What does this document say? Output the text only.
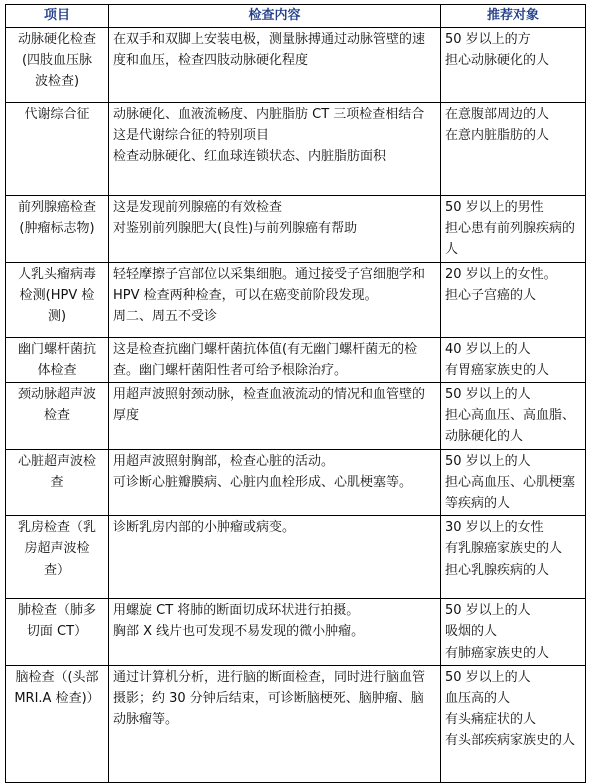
项目	检查内容	推荐对象

动脉硬化检查
(四肢血压脉
波检查)	在双手和双脚上安装电极，测量脉搏通过动脉管壁的速度和血压，检查四肢动脉硬化程度	50 岁以上的方
担心动脉硬化的人

代谢综合征	动脉硬化、血液流畅度、内脏脂肪 CT 三项检查相结合
这是代谢综合征的特别项目
检查动脉硬化、红血球连锁状态、内脏脂肪面积	在意腹部周边的人
在意内脏脂肪的人

前列腺癌检查
(肿瘤标志物)	这是发现前列腺癌的有效检查
对鉴别前列腺肥大(良性)与前列腺癌有帮助	50 岁以上的男性
担心患有前列腺疾病的人

人乳头瘤病毒
检测(HPV 检
测)	轻轻摩擦子宫部位以采集细胞。通过接受子宫细胞学和 HPV 检查两种检查，可以在癌变前阶段发现。
周二、周五不受诊	20 岁以上的女性。
担心子宫癌的人

幽门螺杆菌抗
体检查	这是检查抗幽门螺杆菌抗体值(有无幽门螺杆菌无的检查。幽门螺杆菌阳性者可给予根除治疗。	40 岁以上的人
有胃癌家族史的人

颈动脉超声波
检查	用超声波照射颈动脉，检查血液流动的情况和血管壁的厚度	50 岁以上的人
担心高血压、高血脂、动脉硬化的人

心脏超声波检
查	用超声波照射胸部，检查心脏的活动。
可诊断心脏瓣膜病、心脏内血栓形成、心肌梗塞等。	50 岁以上的人
担心高血压、心肌梗塞等疾病的人

乳房检查（乳
房超声波检
查）	诊断乳房内部的小肿瘤或病变。	30 岁以上的女性
有乳腺癌家族史的人
担心乳腺疾病的人

肺检查（肺多
切面 CT）	用螺旋 CT 将肺的断面切成环状进行拍摄。
胸部 X 线片也可发现不易发现的微小肿瘤。	50 岁以上的人
吸烟的人
有肺癌家族史的人

脑检查（(头部
MRI.A 检查)）	通过计算机分析，进行脑的断面检查，同时进行脑血管摄影；约 30 分钟后结束，可诊断脑梗死、脑肿瘤、脑动脉瘤等。	50 岁以上的人
血压高的人
有头痛症状的人
有头部疾病家族史的人
